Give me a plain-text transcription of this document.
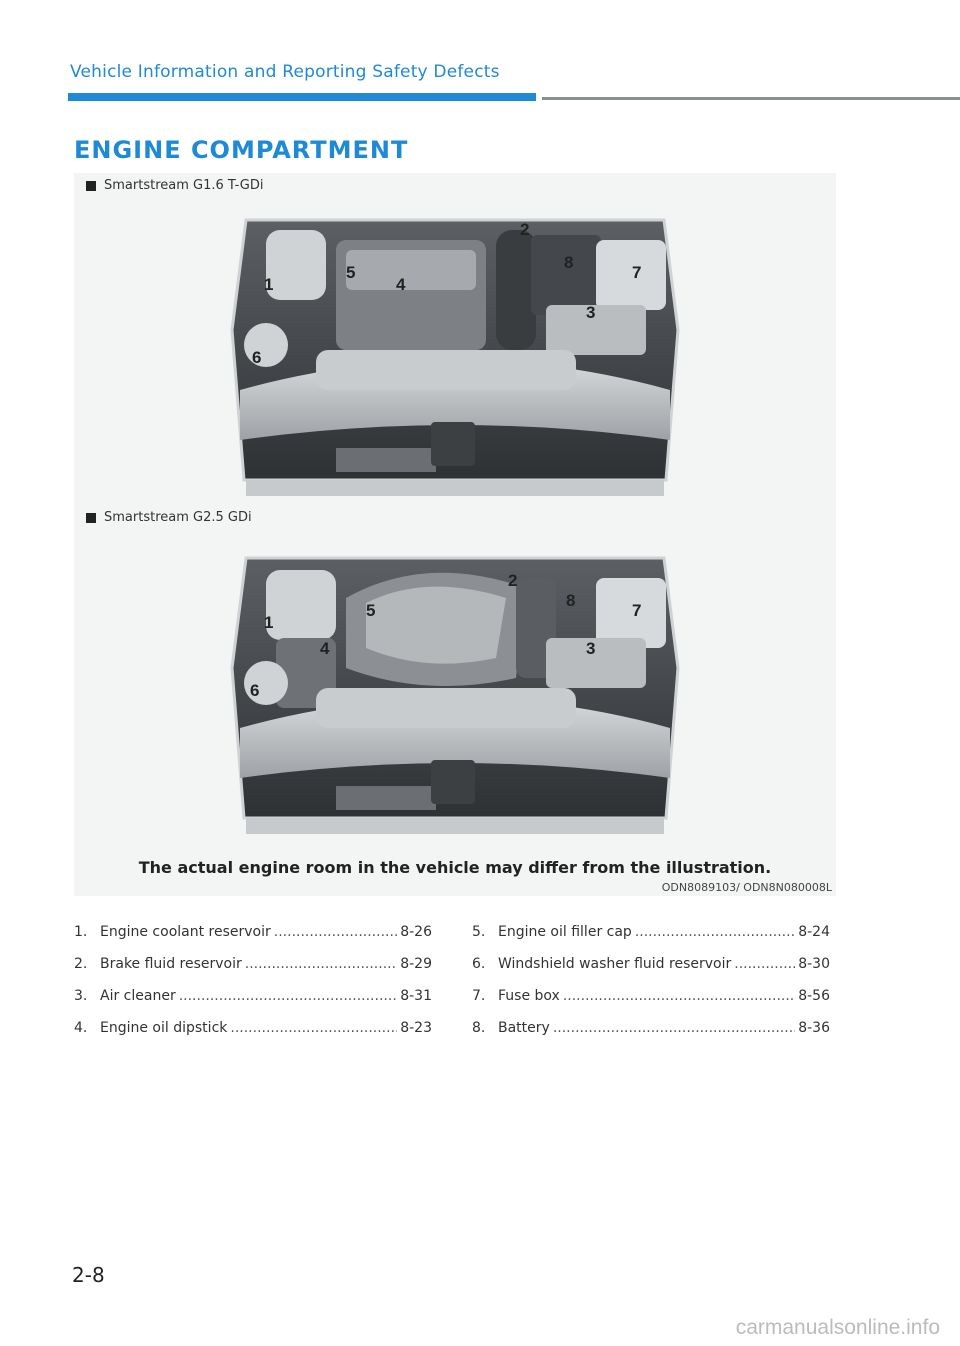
Vehicle Information and Reporting Safety Defects
ENGINE COMPARTMENT
Smartstream G1.6 T-GDi
1
2
3
4
5
6
7
8
Smartstream G2.5 GDi
1
2
3
4
5
6
7
8
The actual engine room in the vehicle may differ from the illustration.
ODN8089103/ ODN8N080008L
1. Engine coolant reservoir .....	8-26
2. Brake fluid reservoir .....	8-29
3. Air cleaner .....	8-31
4. Engine oil dipstick .....	8-23
5. Engine oil filler cap .....	8-24
6. Windshield washer fluid reservoir .....	8-30
7. Fuse box .....	8-56
8. Battery .....	8-36
2-8
carmanualsonline.info
